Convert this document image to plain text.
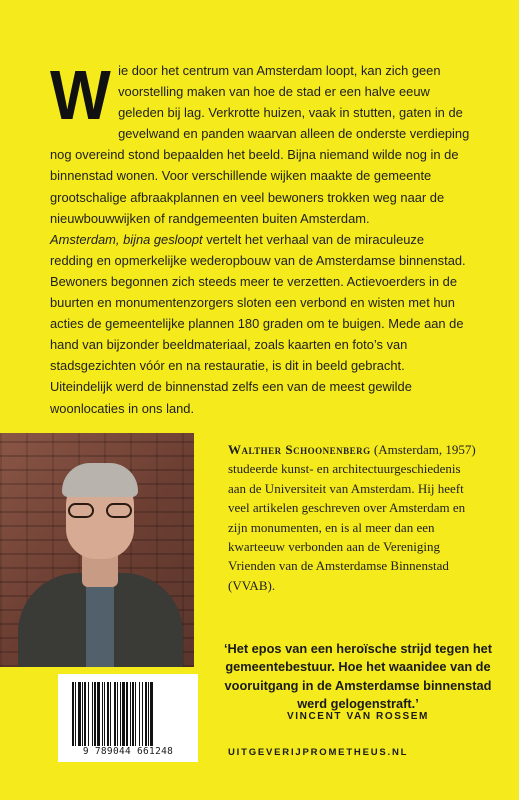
Wie door het centrum van Amsterdam loopt, kan zich geen voorstelling maken van hoe de stad er een halve eeuw geleden bij lag. Verkrotte huizen, vaak in stutten, gaten in de gevelwand en panden waarvan alleen de onderste verdieping nog overeind stond bepaalden het beeld. Bijna niemand wilde nog in de binnenstad wonen. Voor verschillende wijken maakte de gemeente grootschalige afbraakplannen en veel bewoners trokken weg naar de nieuwbouwwijken of randgemeenten buiten Amsterdam.
Amsterdam, bijna gesloopt vertelt het verhaal van de miraculeuze redding en opmerkelijke wederopbouw van de Amsterdamse binnenstad. Bewoners begonnen zich steeds meer te verzetten. Actievoerders in de buurten en monumentenzorgers sloten een verbond en wisten met hun acties de gemeentelijke plannen 180 graden om te buigen. Mede aan de hand van bijzonder beeldmateriaal, zoals kaarten en foto’s van stadsgezichten vóór en na restauratie, is dit in beeld gebracht. Uiteindelijk werd de binnenstad zelfs een van de meest gewilde woonlocaties in ons land.

Walther Schoonenberg (Amsterdam, 1957) studeerde kunst- en architectuurgeschiedenis aan de Universiteit van Amsterdam. Hij heeft veel artikelen geschreven over Amsterdam en zijn monumenten, en is al meer dan een kwarteeuw verbonden aan de Vereniging Vrienden van de Amsterdamse Binnenstad (VVAB).
‘Het epos van een heroïsche strijd tegen het gemeentebestuur. Hoe het waanidee van de vooruitgang in de Amsterdamse binnenstad werd gelogenstraft.’
VINCENT VAN ROSSEM
9 789044 661248	UITGEVERIJPROMETHEUS.NL
